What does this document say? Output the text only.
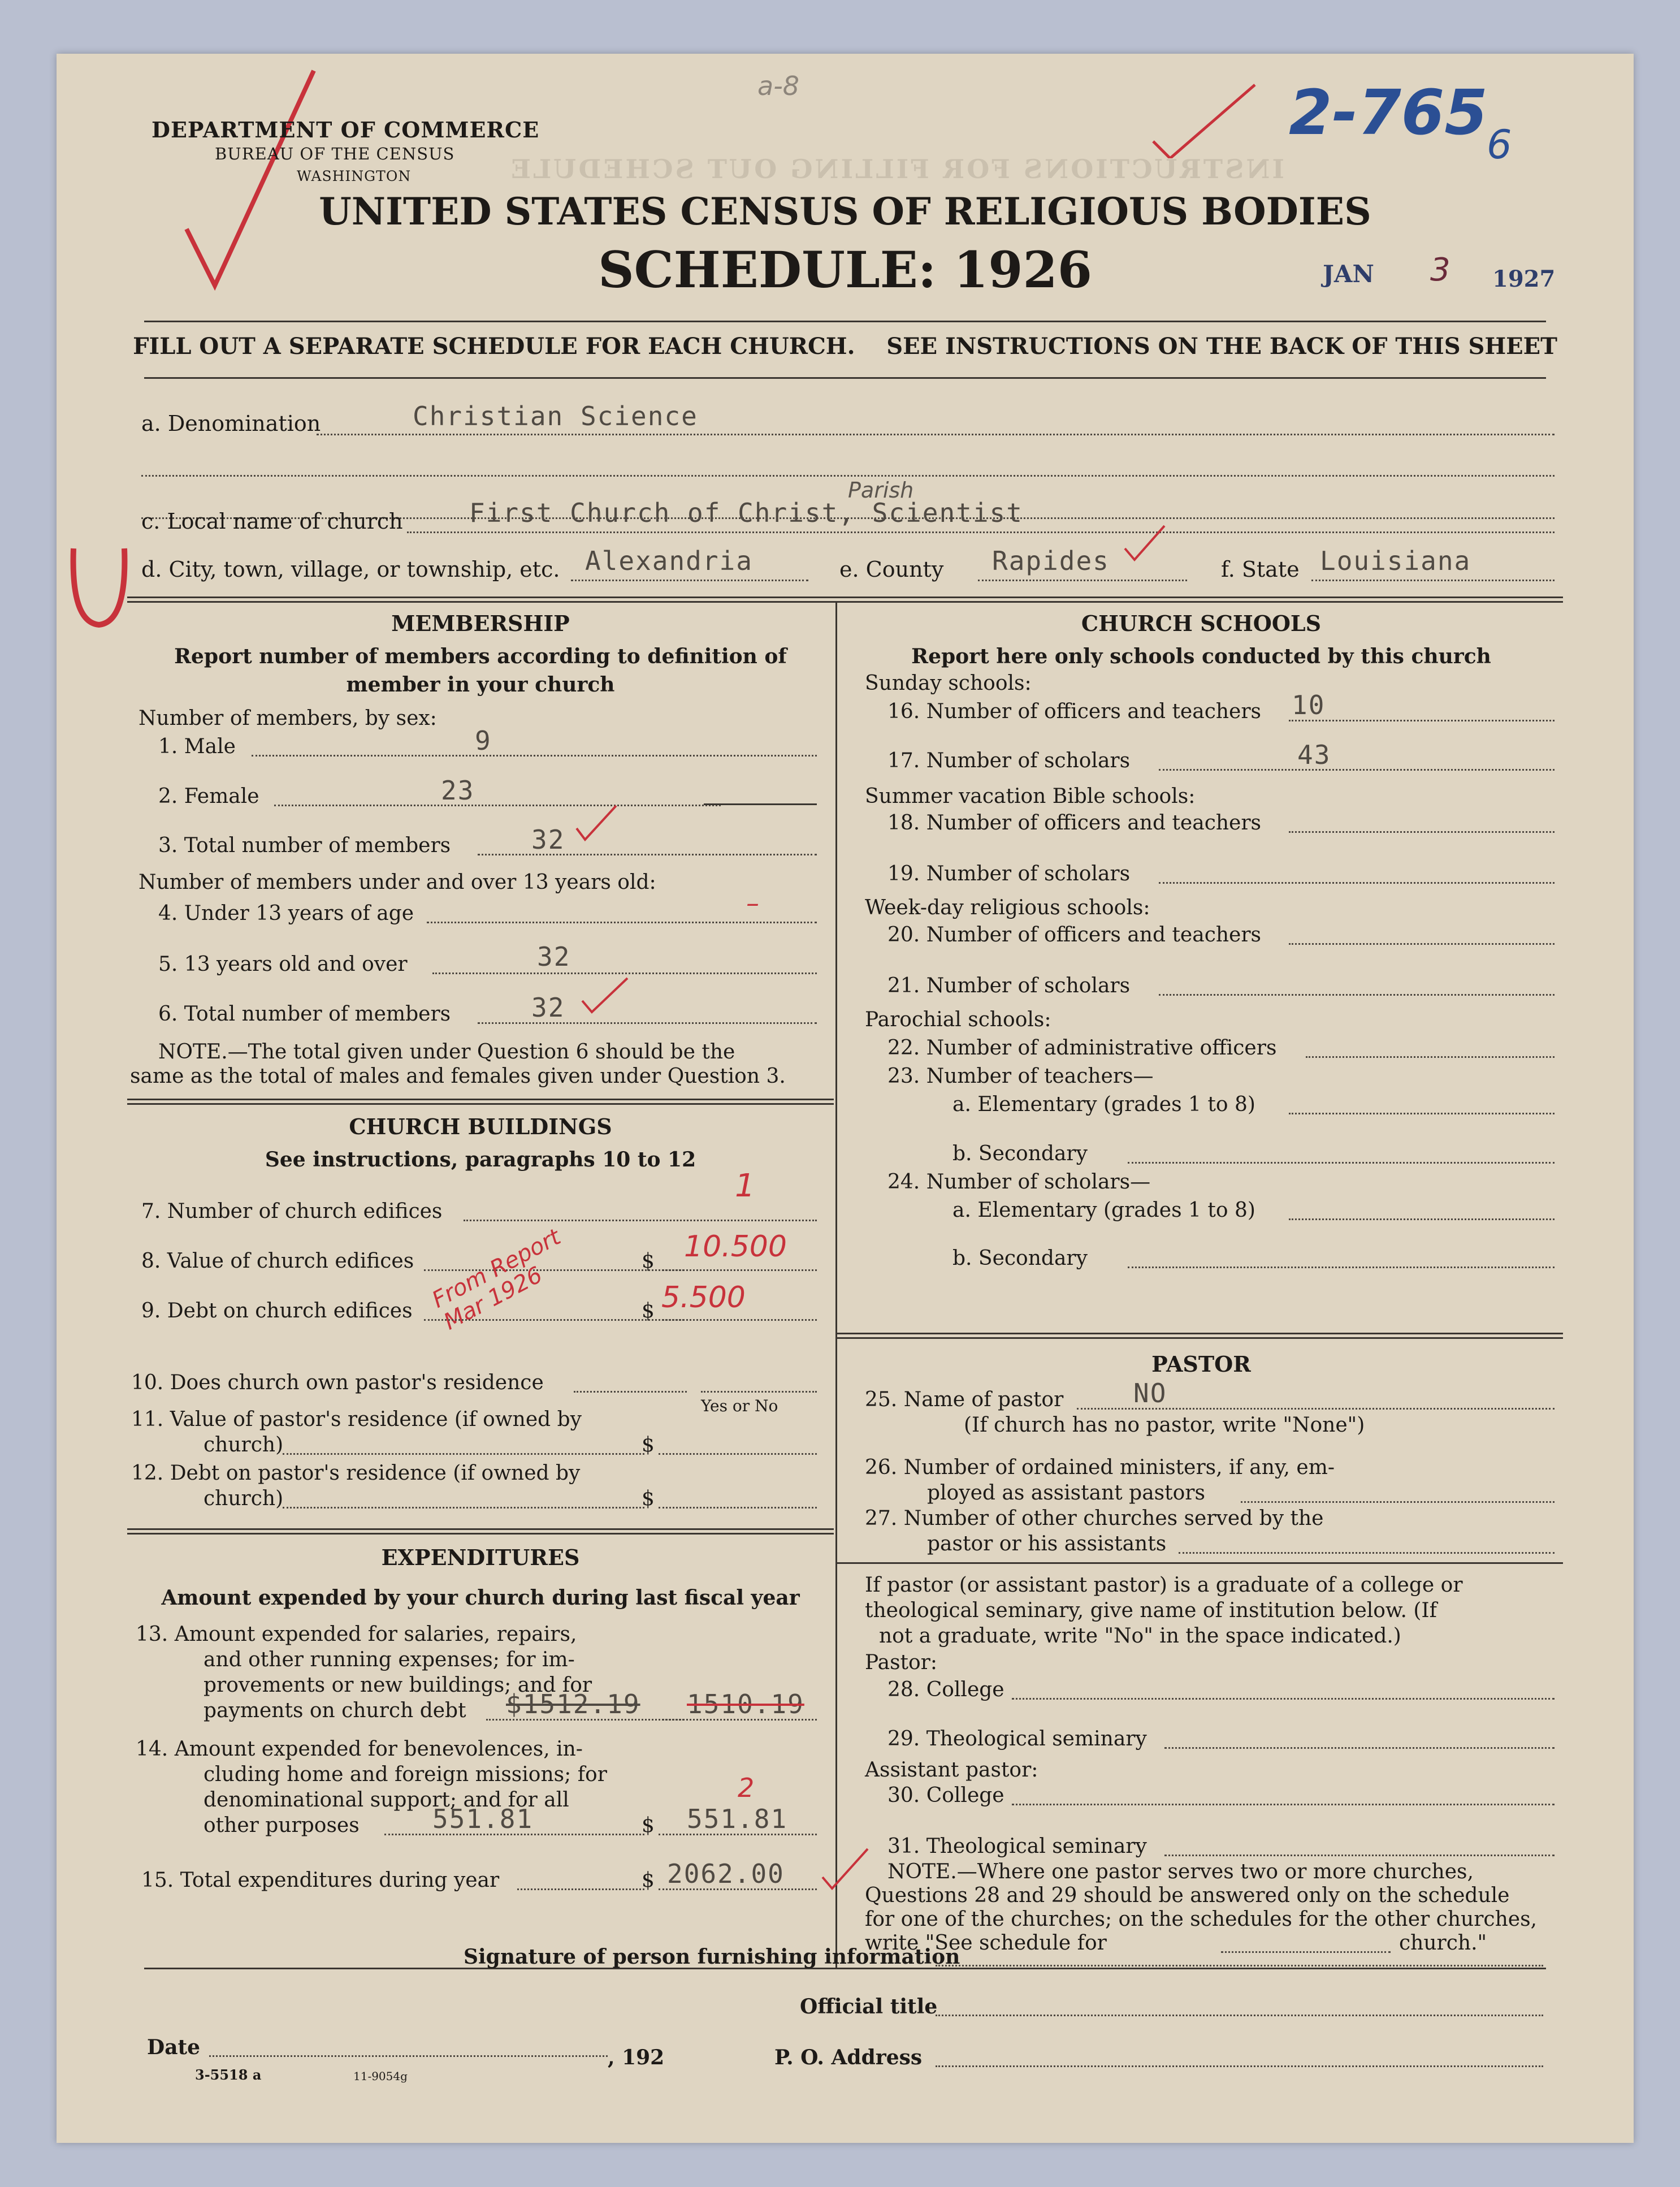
INSTRUCTIONS FOR FILLING OUT SCHEDULE
a-8	2-765
6
DEPARTMENT OF COMMERCE
BUREAU OF THE CENSUS
WASHINGTON
UNITED STATES CENSUS OF RELIGIOUS BODIES
SCHEDULE: 1926	JAN 3 1927
FILL OUT A SEPARATE SCHEDULE FOR EACH CHURCH.    SEE INSTRUCTIONS ON THE BACK OF THIS SHEET
a. Denomination	Christian Science
c. Local name of church	First Church of Christ, Scientist
Parish
d. City, town, village, or township, etc. Alexandria	e. County Rapides	f. State Louisiana
MEMBERSHIP
Report number of members according to definition of
member in your church
Number of members, by sex:
1. Male	9
2. Female	23
3. Total number of members	32
Number of members under and over 13 years old:
4. Under 13 years of age	–
5. 13 years old and over	32
6. Total number of members	32
NOTE.—The total given under Question 6 should be the
same as the total of males and females given under Question 3.
CHURCH BUILDINGS
See instructions, paragraphs 10 to 12
7. Number of church edifices
1
8. Value of church edifices	$ 10.500
From Report Mar 1926
9. Debt on church edifices	$ 5.500
10. Does church own pastor's residence
Yes or No
11. Value of pastor's residence (if owned by
church)	$
12. Debt on pastor's residence (if owned by
church)	$
EXPENDITURES
Amount expended by your church during last fiscal year
13. Amount expended for salaries, repairs,
and other running expenses; for im-
provements or new buildings; and for
payments on church debt $1512.19 1510.19
14. Amount expended for benevolences, in-
cluding home and foreign missions; for
denominational support; and for all
other purposes	$
551.81	551.81
2
15. Total expenditures during year	$ 2062.00
CHURCH SCHOOLS
Report here only schools conducted by this church
Sunday schools:
16. Number of officers and teachers 10
17. Number of scholars	43
Summer vacation Bible schools:
18. Number of officers and teachers
19. Number of scholars
Week-day religious schools:
20. Number of officers and teachers
21. Number of scholars
Parochial schools:
22. Number of administrative officers
23. Number of teachers—
a. Elementary (grades 1 to 8)
b. Secondary
24. Number of scholars—
a. Elementary (grades 1 to 8)
b. Secondary
PASTOR
25. Name of pastor	NO
(If church has no pastor, write "None")
26. Number of ordained ministers, if any, em-
ployed as assistant pastors
27. Number of other churches served by the
pastor or his assistants
If pastor (or assistant pastor) is a graduate of a college or
theological seminary, give name of institution below. (If
not a graduate, write "No" in the space indicated.)
Pastor:
28. College
29. Theological seminary
Assistant pastor:
30. College
31. Theological seminary
NOTE.—Where one pastor serves two or more churches,
Questions 28 and 29 should be answered only on the schedule
for one of the churches; on the schedules for the other churches,
write "See schedule for	church."
Signature of person furnishing information
Official title
Date	, 192	P. O. Address
3-5518 a	11-9054g
